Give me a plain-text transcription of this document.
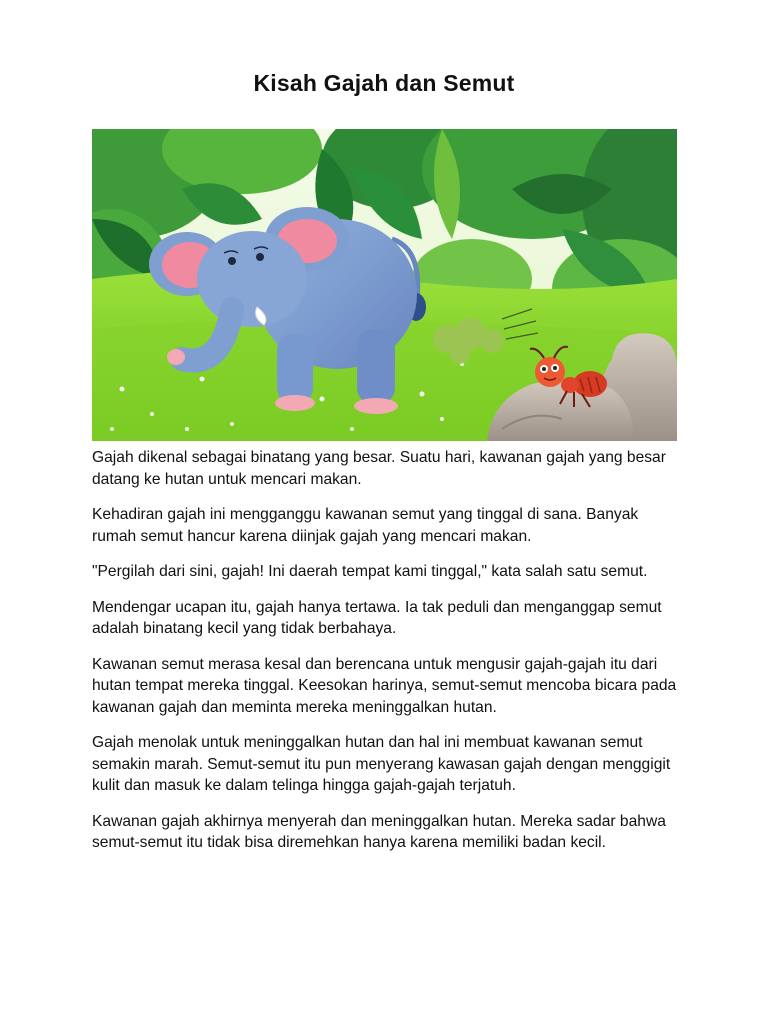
Kisah Gajah dan Semut

Gajah dikenal sebagai binatang yang besar. Suatu hari, kawanan gajah yang besar datang ke hutan untuk mencari makan.

Kehadiran gajah ini mengganggu kawanan semut yang tinggal di sana. Banyak rumah semut hancur karena diinjak gajah yang mencari makan.

"Pergilah dari sini, gajah! Ini daerah tempat kami tinggal," kata salah satu semut.

Mendengar ucapan itu, gajah hanya tertawa. Ia tak peduli dan menganggap semut adalah binatang kecil yang tidak berbahaya.

Kawanan semut merasa kesal dan berencana untuk mengusir gajah-gajah itu dari hutan tempat mereka tinggal. Keesokan harinya, semut-semut mencoba bicara pada kawanan gajah dan meminta mereka meninggalkan hutan.

Gajah menolak untuk meninggalkan hutan dan hal ini membuat kawanan semut semakin marah. Semut-semut itu pun menyerang kawasan gajah dengan menggigit kulit dan masuk ke dalam telinga hingga gajah-gajah terjatuh.

Kawanan gajah akhirnya menyerah dan meninggalkan hutan. Mereka sadar bahwa semut-semut itu tidak bisa diremehkan hanya karena memiliki badan kecil.
